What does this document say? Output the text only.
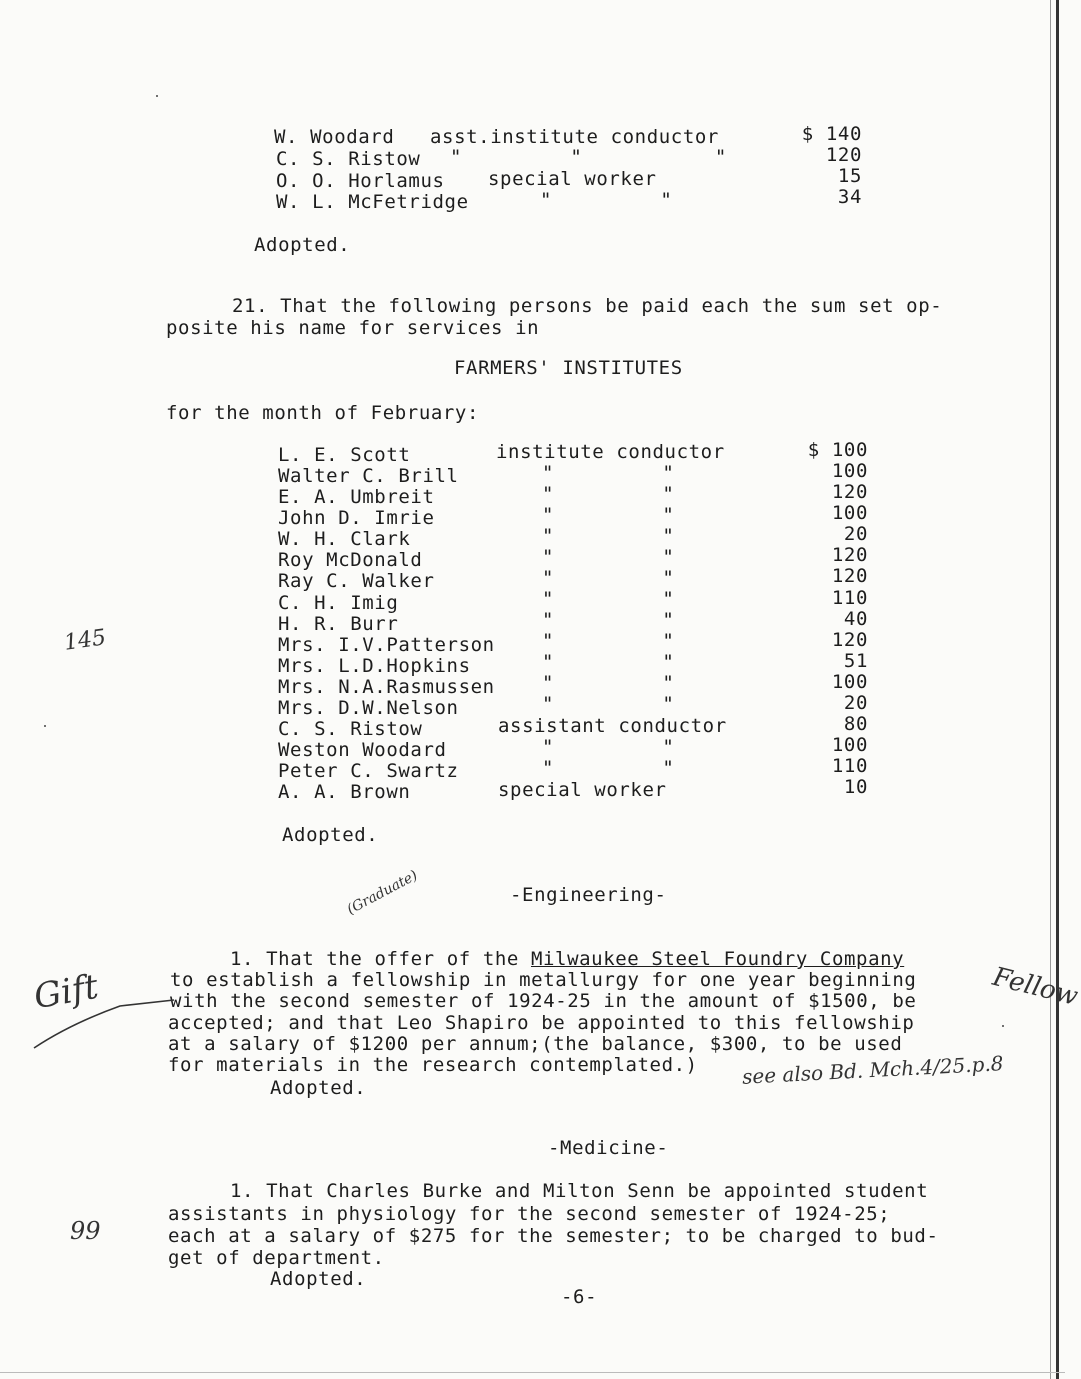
W. Woodard asst.institute conductor	$ 140
C. S. Ristow "         "           "	120
O. O. Horlamus special worker	15
W. L. McFetridge	"         "	34
Adopted.
21. That the following persons be paid each the sum set op-
posite his name for services in
FARMERS' INSTITUTES
for the month of February:
L. E. Scott	institute conductor	$ 100
Walter C. Brill	"         "	100
E. A. Umbreit	"         "	120
John D. Imrie	"         "	100
W. H. Clark	"         "	20
Roy McDonald	"         "	120
Ray C. Walker	"         "	120
C. H. Imig	"         "	110
H. R. Burr	"         "	40
Mrs. I.V.Patterson "         "	120
Mrs. L.D.Hopkins	"         "	51
Mrs. N.A.Rasmussen "         "	100
Mrs. D.W.Nelson	"         "	20
C. S. Ristow	assistant conductor	80
Weston Woodard	"         "	100
Peter C. Swartz	"         "	110
A. A. Brown	special worker	10
Adopted.
-Engineering-
1. That the offer of the Milwaukee Steel Foundry Company
to establish a fellowship in metallurgy for one year beginning
with the second semester of 1924-25 in the amount of $1500, be
accepted; and that Leo Shapiro be appointed to this fellowship
at a salary of $1200 per annum;(the balance, $300, to be used
for materials in the research contemplated.)
Adopted.
-Medicine-
1. That Charles Burke and Milton Senn be appointed student
assistants in physiology for the second semester of 1924-25;
each at a salary of $275 for the semester; to be charged to bud-
get of department.
Adopted.
-6-
145
Gift	Fellow
(Graduate)
see also Bd. Mch.4/25.p.8
99
